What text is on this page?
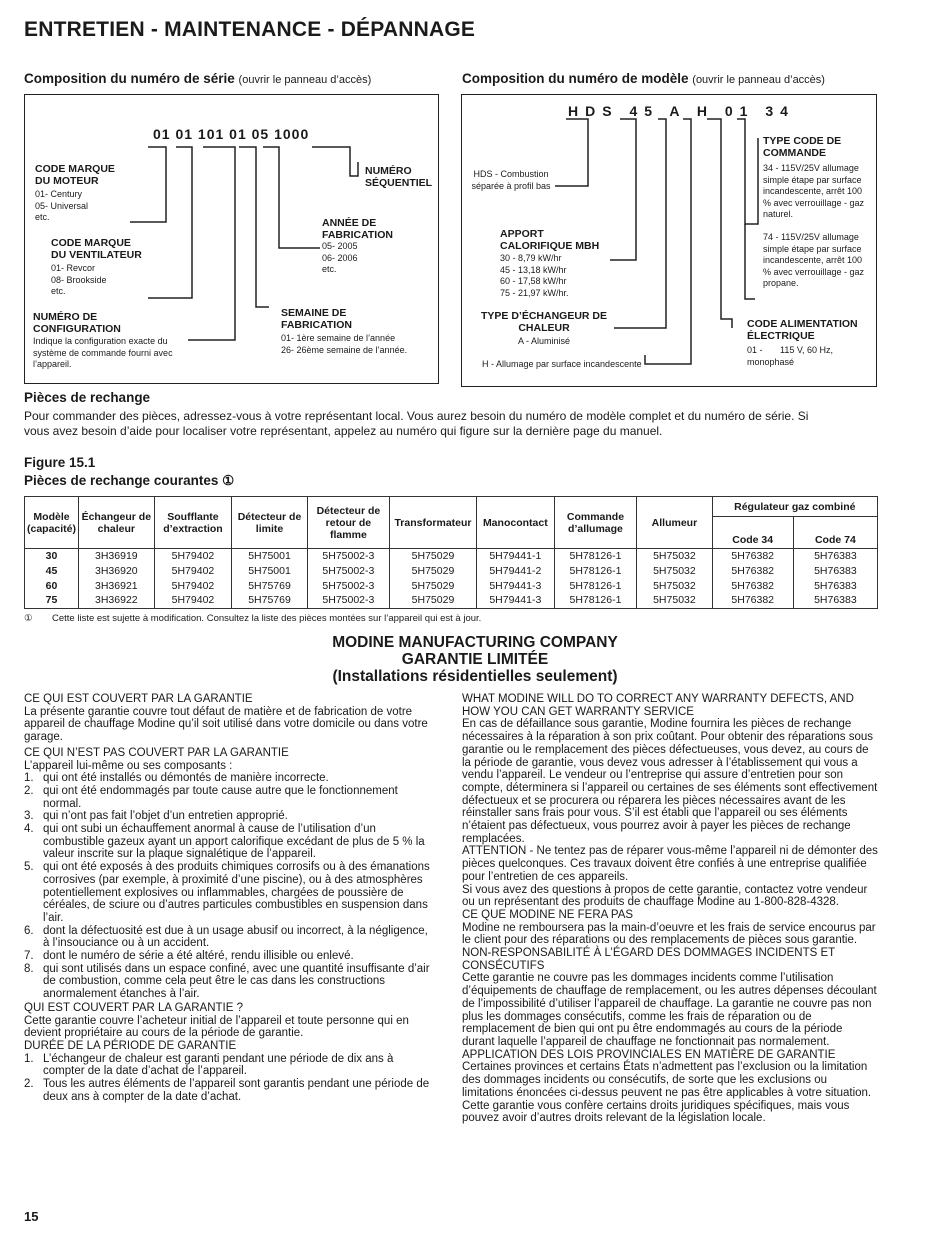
ENTRETIEN - MAINTENANCE - DÉPANNAGE
Composition du numéro de série (ouvrir le panneau d’accès)
01 01 101 01 05 1000
CODE MARQUE
DU MOTEUR
01- Century
05- Universal
etc.
CODE MARQUE
DU VENTILATEUR
01- Revcor
08- Brookside
etc.
NUMÉRO DE
CONFIGURATION
Indique la configuration exacte du
système de commande fourni avec
l’appareil.
NUMÉRO
SÉQUENTIEL
ANNÉE DE
FABRICATION
05- 2005
06- 2006
etc.
SEMAINE DE
FABRICATION
01- 1ère semaine de l’année
26- 26ème semaine de l’année.
Composition du numéro de modèle (ouvrir le panneau d’accès)
HDS 45 A H 01 34
HDS - Combustion
séparée à profil bas
APPORT
CALORIFIQUE MBH
30 - 8,79 kW/hr
45 - 13,18 kW/hr
60 - 17,58 kW/hr
75 - 21,97 kW/hr.
TYPE D’ÉCHANGEUR DE
CHALEUR
A - Aluminisé
H - Allumage par surface incandescente
TYPE CODE DE
COMMANDE
34 - 115V/25V allumage
simple étape par surface
incandescente, arrêt 100
% avec verrouillage - gaz
naturel.
74 - 115V/25V allumage
simple étape par surface
incandescente, arrêt 100
% avec verrouillage - gaz
propane.
CODE ALIMENTATION
ÉLECTRIQUE
01 -       115 V, 60 Hz,
monophasé
Pièces de rechange
Pour commander des pièces, adressez-vous à votre représentant local. Vous aurez besoin du numéro de modèle complet et du numéro de série. Si
vous avez besoin d’aide pour localiser votre représentant, appelez au numéro qui figure sur la dernière page du manuel.
Figure 15.1
Pièces de rechange courantes ①
Modèle (capacité)	Échangeur de chaleur	Soufflante d’extraction	Détecteur de limite	Détecteur de retour de flamme	Transformateur	Manocontact	Commande d’allumage	Allumeur	Régulateur gaz combiné	
									Code 34	Code 74
30	3H36919	5H79402	5H75001	5H75002-3	5H75029	5H79441-1	5H78126-1	5H75032	5H76382	5H76383
45	3H36920	5H79402	5H75001	5H75002-3	5H75029	5H79441-2	5H78126-1	5H75032	5H76382	5H76383
60	3H36921	5H79402	5H75769	5H75002-3	5H75029	5H79441-3	5H78126-1	5H75032	5H76382	5H76383
75	3H36922	5H79402	5H75769	5H75002-3	5H75029	5H79441-3	5H78126-1	5H75032	5H76382	5H76383
① Cette liste est sujette à modification. Consultez la liste des pièces montées sur l’appareil qui est à jour.
MODINE MANUFACTURING COMPANY
GARANTIE LIMITÉE
(Installations résidentielles seulement)

CE QUI EST COUVERT PAR LA GARANTIE

La présente garantie couvre tout défaut de matière et de fabrication de votre appareil de chauffage Modine qu’il soit utilisé dans votre domicile ou dans votre garage.

CE QUI N’EST PAS COUVERT PAR LA GARANTIE

L’appareil lui-même ou ses composants :

1. qui ont été installés ou démontés de manière incorrecte.
2. qui ont été endommagés par toute cause autre que le fonctionnement normal.
3. qui n’ont pas fait l’objet d’un entretien approprié.
4. qui ont subi un échauffement anormal à cause de l’utilisation d’un combustible gazeux ayant un apport calorifique excédant de plus de 5 % la valeur inscrite sur la plaque signalétique de l’appareil.
5. qui ont été exposés à des produits chimiques corrosifs ou à des émanations corrosives (par exemple, à proximité d’une piscine), ou à des atmosphères potentiellement explosives ou inflammables, chargées de poussière de céréales, de sciure ou d’autres particules combustibles en suspension dans l’air.
6. dont la défectuosité est due à un usage abusif ou incorrect, à la négligence, à l’insouciance ou à un accident.
7. dont le numéro de série a été altéré, rendu illisible ou enlevé.
8. qui sont utilisés dans un espace confiné, avec une quantité insuffisante d’air de combustion, comme cela peut être le cas dans les constructions anormalement étanches à l’air.

QUI EST COUVERT PAR LA GARANTIE ?

Cette garantie couvre l’acheteur initial de l’appareil et toute personne qui en devient propriétaire au cours de la période de garantie.

DURÉE DE LA PÉRIODE DE GARANTIE

1. L’échangeur de chaleur est garanti pendant une période de dix ans à compter de la date d’achat de l’appareil.
2. Tous les autres éléments de l’appareil sont garantis pendant une période de deux ans à compter de la date d’achat.

WHAT MODINE WILL DO TO CORRECT ANY WARRANTY DEFECTS, AND HOW YOU CAN GET WARRANTY SERVICE

En cas de défaillance sous garantie, Modine fournira les pièces de rechange nécessaires à la réparation à son prix coûtant. Pour obtenir des réparations sous garantie ou le remplacement des pièces défectueuses, vous devez, au cours de la période de garantie, vous devez vous adresser à l’établissement qui vous a vendu l’appareil. Le vendeur ou l’entreprise qui assure d’entretien pour son compte, déterminera si l’appareil ou certaines de ses éléments sont effectivement défectueux et se procurera ou réparera les pièces nécessaires avant de les réinstaller sans frais pour vous. S’il est établi que l’appareil ou ses éléments n’étaient pas défectueux, vous pourrez avoir à payer les pièces de rechange remplacées.

ATTENTION - Ne tentez pas de réparer vous-même l’appareil ni de démonter des pièces quelconques. Ces travaux doivent être confiés à une entreprise qualifiée pour l’entretien de ces appareils.

Si vous avez des questions à propos de cette garantie, contactez votre vendeur ou un représentant des produits de chauffage Modine au 1-800-828-4328.

CE QUE MODINE NE FERA PAS

Modine ne remboursera pas la main-d’oeuvre et les frais de service encourus par le client pour des réparations ou des remplacements de pièces sous garantie.

NON-RESPONSABILITÉ À L’ÉGARD DES DOMMAGES INCIDENTS ET CONSÉCUTIFS

Cette garantie ne couvre pas les dommages incidents comme l’utilisation d’équipements de chauffage de remplacement, ou les autres dépenses découlant de l’impossibilité d’utiliser l’appareil de chauffage. La garantie ne couvre pas non plus les dommages consécutifs, comme les frais de réparation ou de remplacement de bien qui ont pu être endommagés au cours de la période durant laquelle l’appareil de chauffage ne fonctionnait pas normalement.

APPLICATION DES LOIS PROVINCIALES EN MATIÈRE DE GARANTIE

Certaines provinces et certains États n’admettent pas l’exclusion ou la limitation des dommages incidents ou consécutifs, de sorte que les exclusions ou limitations énoncées ci-dessus peuvent ne pas être applicables à votre situation.

Cette garantie vous confère certains droits juridiques spécifiques, mais vous pouvez avoir d’autres droits relevant de la législation locale.

15
